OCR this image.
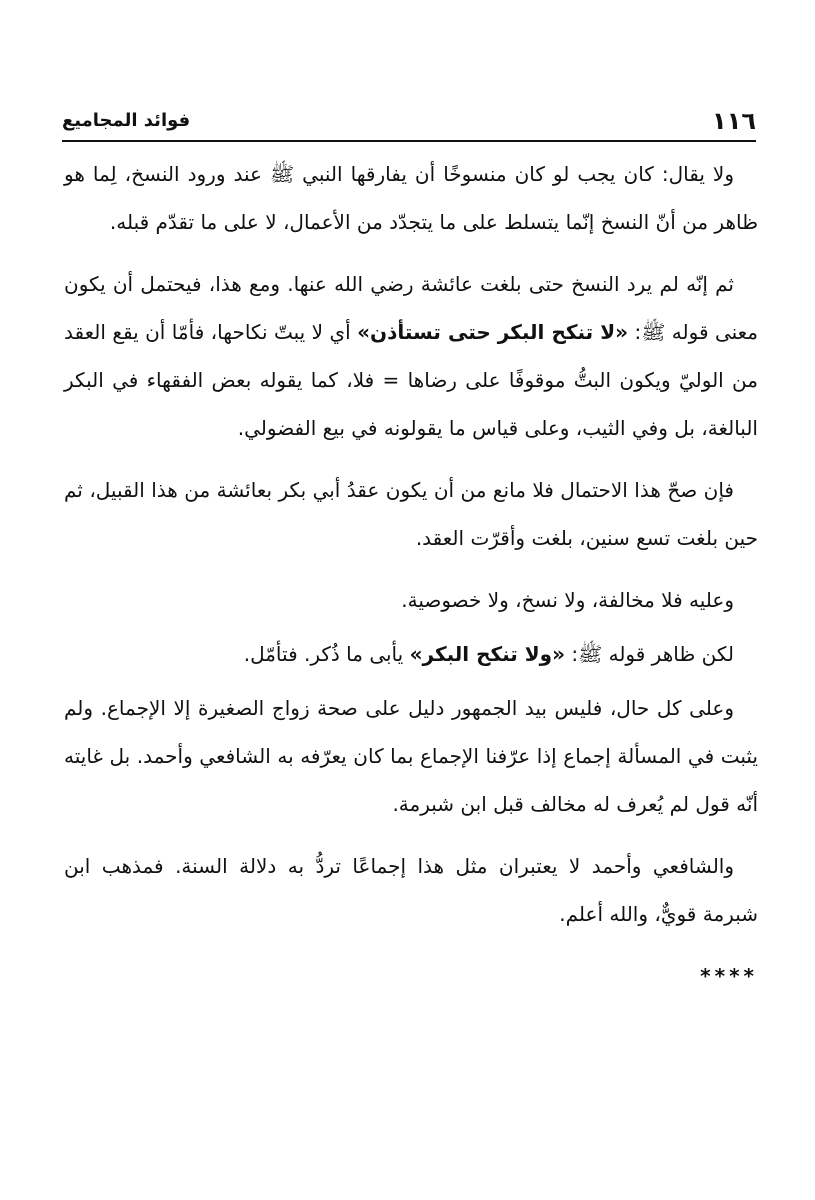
١١٦
فوائد المجاميع

ولا يقال: كان يجب لو كان منسوخًا أن يفارقها النبي ﷺ عند ورود النسخ، لِما هو ظاهر من أنّ النسخ إنّما يتسلط على ما يتجدّد من الأعمال، لا على ما تقدّم قبله.

ثم إنّه لم يرد النسخ حتى بلغت عائشة رضي الله عنها. ومع هذا، فيحتمل أن يكون معنى قوله ﷺ: «لا تنكح البكر حتى تستأذن» أي لا يبتّ نكاحها، فأمّا أن يقع العقد من الوليّ ويكون البتُّ موقوفًا على رضاها = فلا، كما يقوله بعض الفقهاء في البكر البالغة، بل وفي الثيب، وعلى قياس ما يقولونه في بيع الفضولي.

فإن صحّ هذا الاحتمال فلا مانع من أن يكون عقدُ أبي بكر بعائشة من هذا القبيل، ثم حين بلغت تسع سنين، بلغت وأقرّت العقد.

وعليه فلا مخالفة، ولا نسخ، ولا خصوصية.

لكن ظاهر قوله ﷺ: «ولا تنكح البكر» يأبى ما ذُكر. فتأمّل.

وعلى كل حال، فليس بيد الجمهور دليل على صحة زواج الصغيرة إلا الإجماع. ولم يثبت في المسألة إجماع إذا عرّفنا الإجماع بما كان يعرّفه به الشافعي وأحمد. بل غايته أنّه قول لم يُعرف له مخالف قبل ابن شبرمة.

والشافعي وأحمد لا يعتبران مثل هذا إجماعًا تردُّ به دلالة السنة. فمذهب ابن شبرمة قويٌّ، والله أعلم.

****
